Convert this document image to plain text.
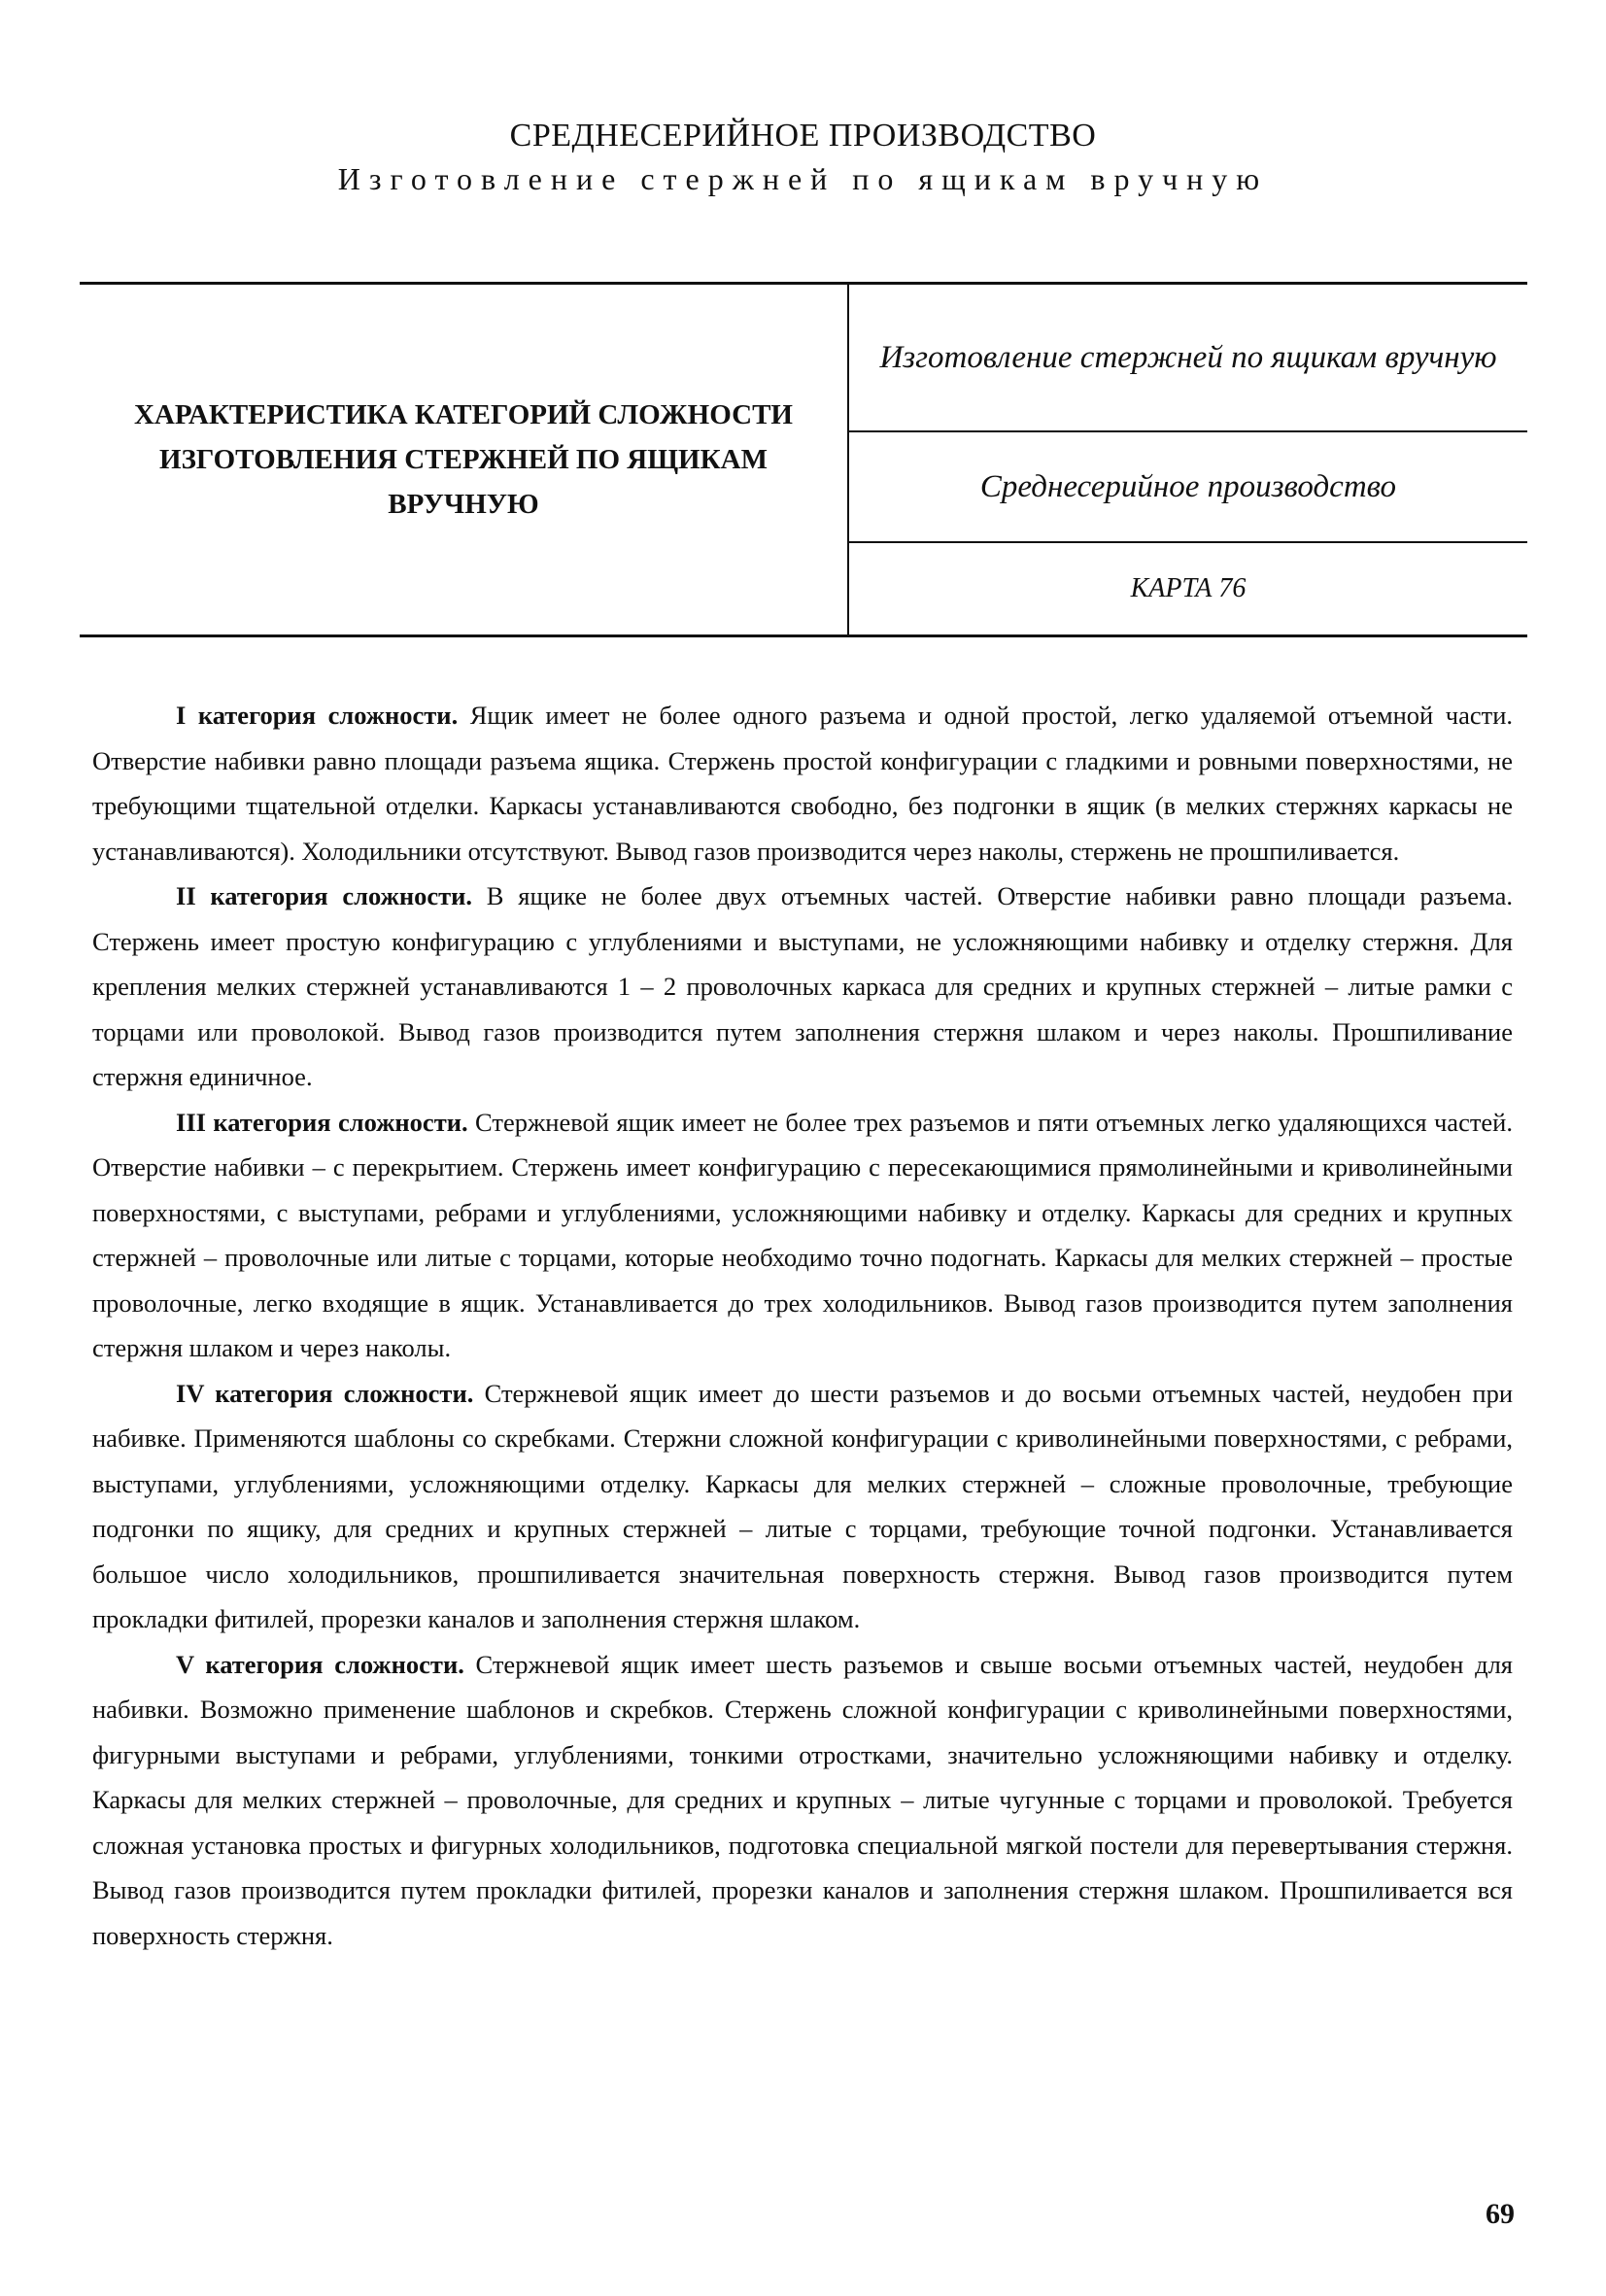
СРЕДНЕСЕРИЙНОЕ ПРОИЗВОДСТВО
Изготовление стержней по ящикам вручную
ХАРАКТЕРИСТИКА КАТЕГОРИЙ СЛОЖНОСТИ ИЗГОТОВЛЕНИЯ СТЕРЖНЕЙ ПО ЯЩИКАМ ВРУЧНУЮ
Изготовление стержней по ящикам вручную
Среднесерийное производство
КАРТА 76

I категория сложности. Ящик имеет не более одного разъема и одной простой, легко удаляемой отъемной части. Отверстие набивки равно площади разъема ящика. Стержень простой конфигурации с гладкими и ровными поверхностями, не требующими тщательной отделки. Каркасы устанавливаются свободно, без подгонки в ящик (в мелких стержнях каркасы не устанавливаются). Холодильники отсутствуют. Вывод газов производится через наколы, стержень не прошпиливается.

II категория сложности. В ящике не более двух отъемных частей. Отверстие набивки равно площади разъема. Стержень имеет простую конфигурацию с углублениями и выступами, не усложняющими набивку и отделку стержня. Для крепления мелких стержней устанавливаются 1 – 2 проволочных каркаса для средних и крупных стержней – литые рамки с торцами или проволокой. Вывод газов производится путем заполнения стержня шлаком и через наколы. Прошпиливание стержня единичное.

III категория сложности. Стержневой ящик имеет не более трех разъемов и пяти отъемных легко удаляющихся частей. Отверстие набивки – с перекрытием. Стержень имеет конфигурацию с пересекающимися прямолинейными и криволинейными поверхностями, с выступами, ребрами и углублениями, усложняющими набивку и отделку. Каркасы для средних и крупных стержней – проволочные или литые с торцами, которые необходимо точно подогнать. Каркасы для мелких стержней – простые проволочные, легко входящие в ящик. Устанавливается до трех холодильников. Вывод газов производится путем заполнения стержня шлаком и через наколы.

IV категория сложности. Стержневой ящик имеет до шести разъемов и до восьми отъемных частей, неудобен при набивке. Применяются шаблоны со скребками. Стержни сложной конфигурации с криволинейными поверхностями, с ребрами, выступами, углублениями, усложняющими отделку. Каркасы для мелких стержней – сложные проволочные, требующие подгонки по ящику, для средних и крупных стержней – литые с торцами, требующие точной подгонки. Устанавливается большое число холодильников, прошпиливается значительная поверхность стержня. Вывод газов производится путем прокладки фитилей, прорезки каналов и заполнения стержня шлаком.

V категория сложности. Стержневой ящик имеет шесть разъемов и свыше восьми отъемных частей, неудобен для набивки. Возможно применение шаблонов и скребков. Стержень сложной конфигурации с криволинейными поверхностями, фигурными выступами и ребрами, углублениями, тонкими отростками, значительно усложняющими набивку и отделку. Каркасы для мелких стержней – проволочные, для средних и крупных – литые чугунные с торцами и проволокой. Требуется сложная установка простых и фигурных холодильников, подготовка специальной мягкой постели для перевертывания стержня. Вывод газов производится путем прокладки фитилей, прорезки каналов и заполнения стержня шлаком. Прошпиливается вся поверхность стержня.

69
